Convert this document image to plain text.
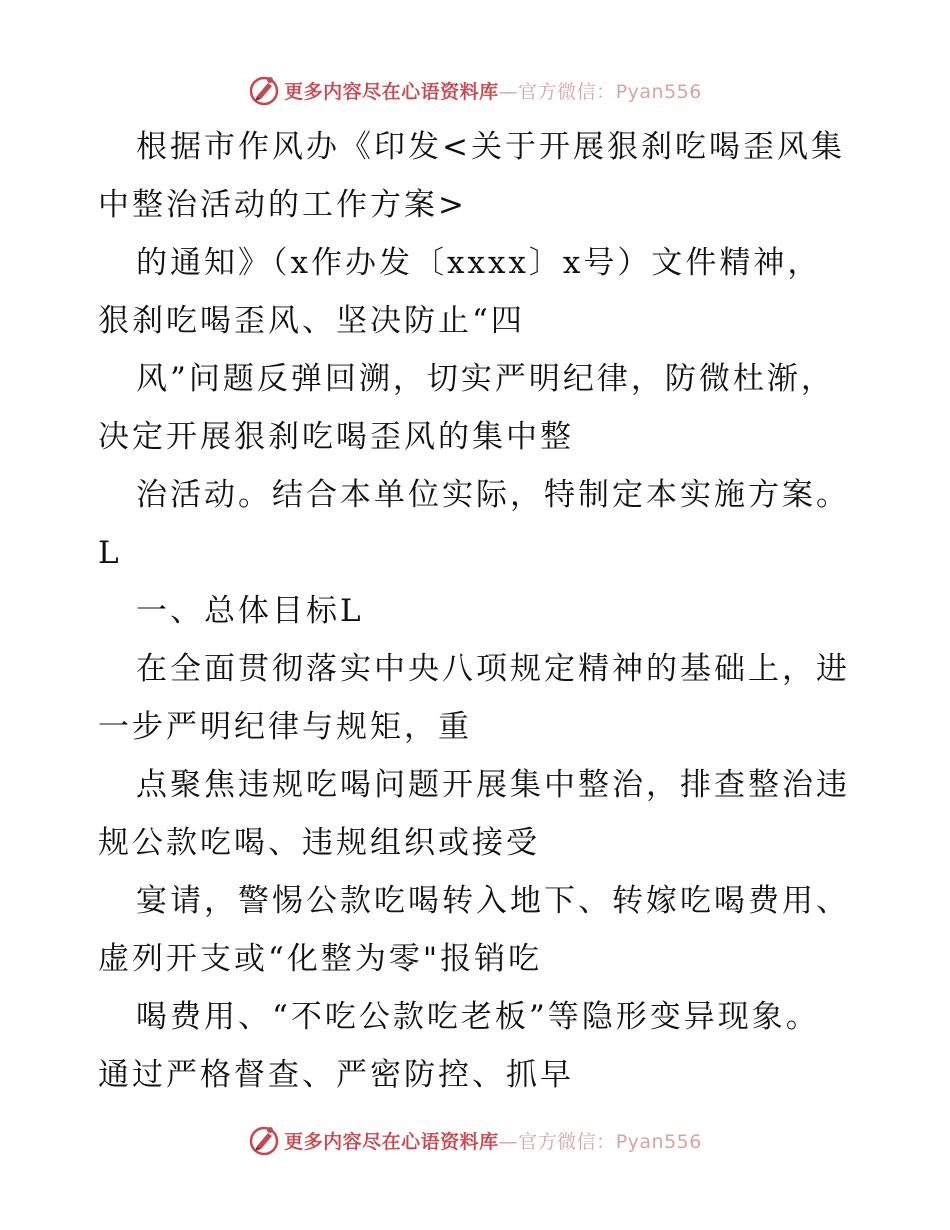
更多内容尽在心语资料库—官方微信：Pyan556
根据市作风办《印发<关于开展狠刹吃喝歪风集
中整治活动的工作方案>
的通知》（x作办发〔xxxx〕x号）文件精神，
狠刹吃喝歪风、坚决防止“四
风”问题反弹回溯，切实严明纪律，防微杜渐，
决定开展狠刹吃喝歪风的集中整
治活动。结合本单位实际，特制定本实施方案。
L
一、总体目标L
在全面贯彻落实中央八项规定精神的基础上，进
一步严明纪律与规矩，重
点聚焦违规吃喝问题开展集中整治，排查整治违
规公款吃喝、违规组织或接受
宴请，警惕公款吃喝转入地下、转嫁吃喝费用、
虚列开支或“化整为零"报销吃
喝费用、“不吃公款吃老板”等隐形变异现象。
通过严格督查、严密防控、抓早
更多内容尽在心语资料库—官方微信：Pyan556
